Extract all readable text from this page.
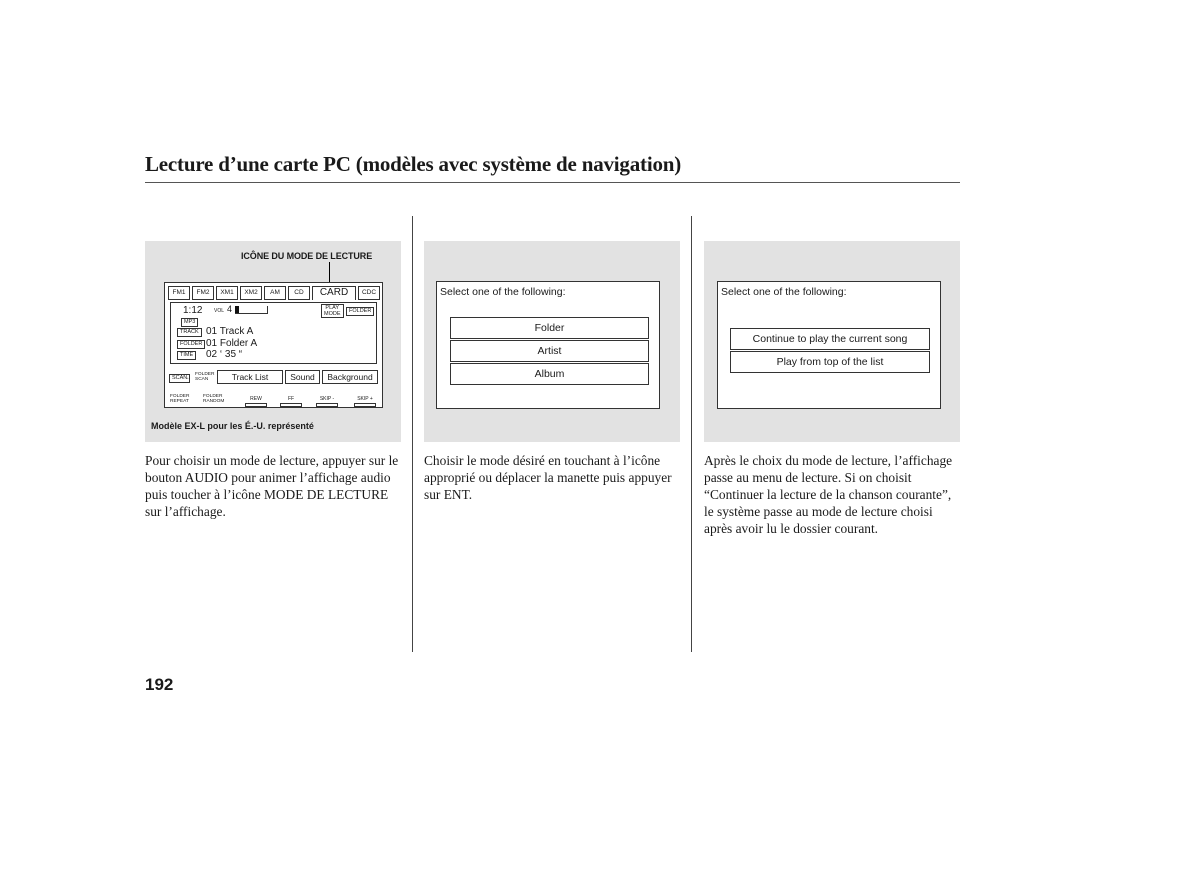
Lecture d’une carte PC (modèles avec système de navigation)
ICÔNE DU MODE DE LECTURE
FM1	FM2	XM1	XM2	AM	CD	CARD	CDC
1:12 VOL 4	PLAY
MODE	FOLDER
MP3
TRACK 01 Track A
FOLDER 01 Folder A
TIME	02 ‘ 35 “
SCAN
↔
FOLDER
SCAN	Track List	Sound	Background
FOLDER
REPEAT
FOLDER
RANDOM	REW	FF	SKIP -	SKIP +
Modèle EX-L pour les É.-U. représenté
Pour choisir un mode de lecture, appuyer sur le bouton AUDIO pour animer l’affichage audio puis toucher à l’icône MODE DE LECTURE sur l’affichage.
Select one of the following:
Folder
Artist
Album
Choisir le mode désiré en touchant à l’icône approprié ou déplacer la manette puis appuyer sur ENT.
Select one of the following:
Continue to play the current song
Play from top of the list
Après le choix du mode de lecture, l’affichage passe au menu de lecture. Si on choisit “Continuer la lecture de la chanson courante”, le système passe au mode de lecture choisi après avoir lu le dossier courant.
192
